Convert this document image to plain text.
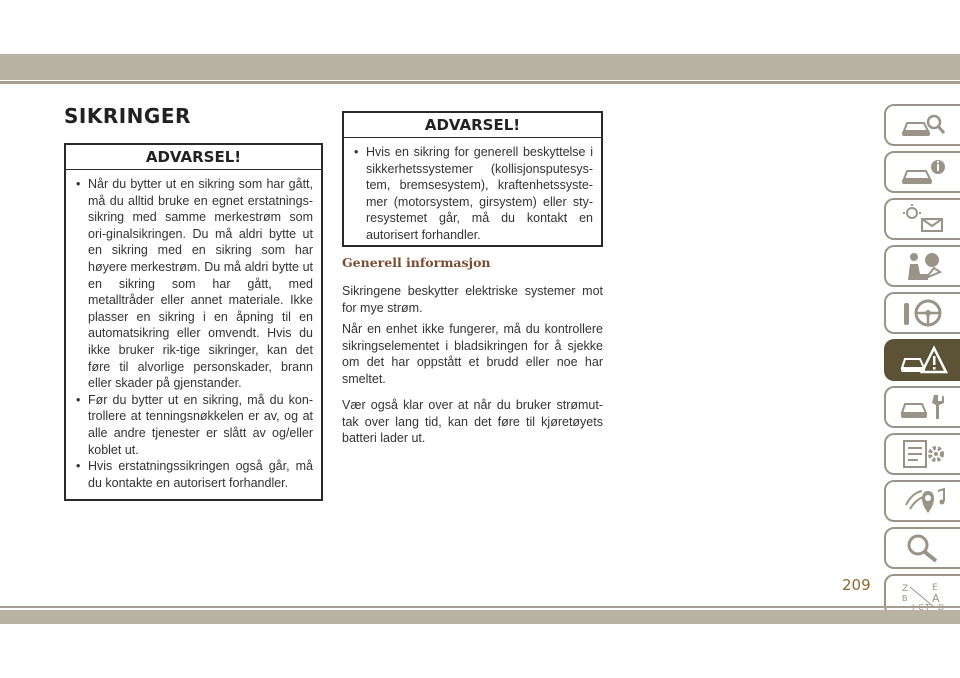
SIKRINGER
ADVARSEL!
• Når du bytter ut en sikring som har gått, må du alltid bruke en egnet erstatnings-sikring med samme merkestrøm som ori-ginalsikringen. Du må aldri bytte ut en sikring med en sikring som har høyere merkestrøm. Du må aldri bytte ut en sikring som har gått, med metalltråder eller annet materiale. Ikke plasser en sikring i en åpning til en automatsikring eller omvendt. Hvis du ikke bruker rik-tige sikringer, kan det føre til alvorlige personskader, brann eller skader på gjenstander.
• Før du bytter ut en sikring, må du kon-trollere at tenningsnøkkelen er av, og at alle andre tjenester er slått av og/eller koblet ut.
• Hvis erstatningssikringen også går, må du kontakte en autorisert forhandler.
ADVARSEL!
• Hvis en sikring for generell beskyttelse i sikkerhetssystemer (kollisjonsputesys-tem, bremsesystem), kraftenhetssyste-mer (motorsystem, girsystem) eller sty-resystemet går, må du kontakt en autorisert forhandler.
Generell informasjon

Sikringene beskytter elektriske systemer mot for mye strøm.

Når en enhet ikke fungerer, må du kontrollere sikringselementet i bladsikringen for å sjekke om det har oppstått et brudd eller noe har smeltet.

Vær også klar over at når du bruker strømut-tak over lang tid, kan det føre til kjøretøyets batteri lader ut.

Z	E
B A
209
